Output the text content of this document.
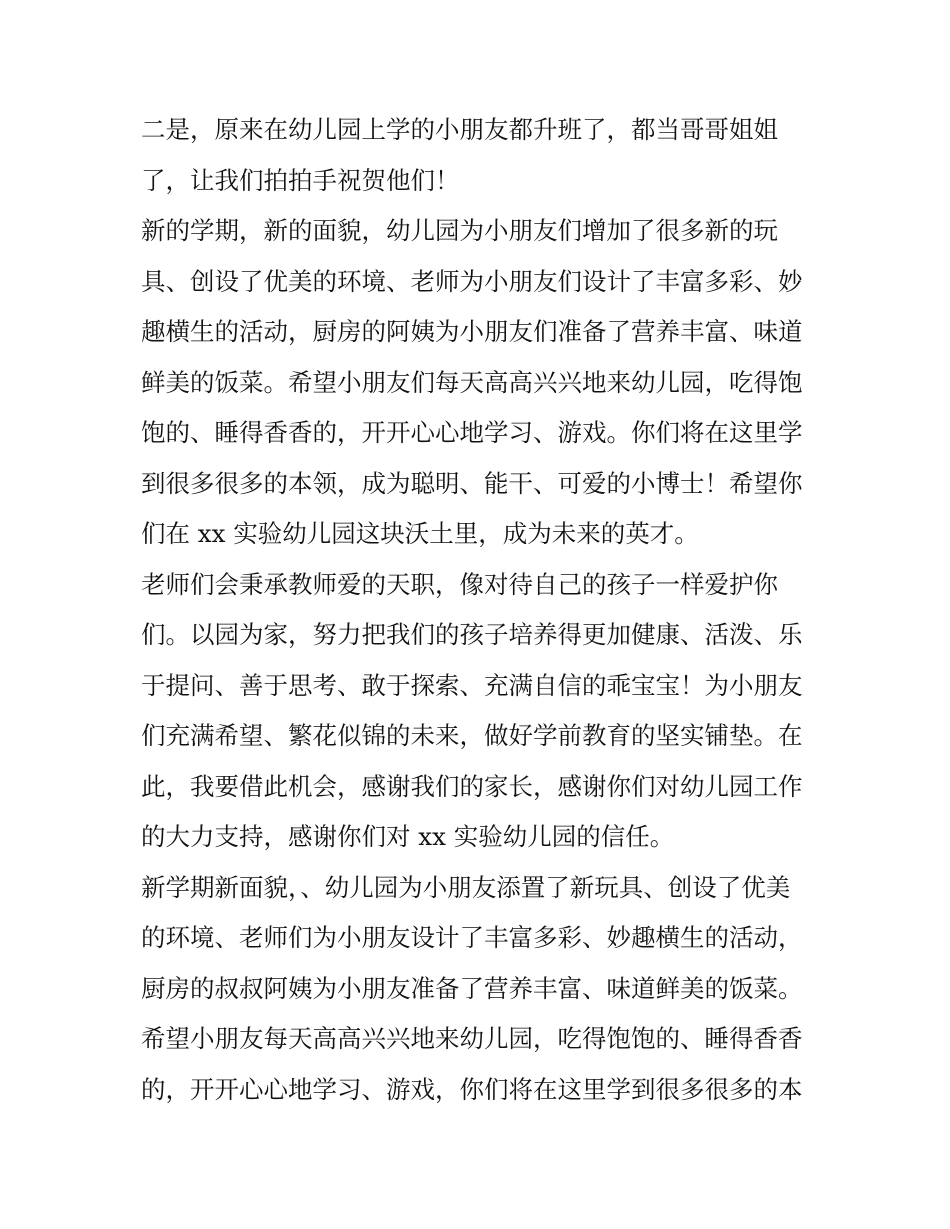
二是，原来在幼儿园上学的小朋友都升班了，都当哥哥姐姐

了，让我们拍拍手祝贺他们！

新的学期，新的面貌，幼儿园为小朋友们增加了很多新的玩

具、创设了优美的环境、老师为小朋友们设计了丰富多彩、妙

趣横生的活动，厨房的阿姨为小朋友们准备了营养丰富、味道

鲜美的饭菜。希望小朋友们每天高高兴兴地来幼儿园，吃得饱

饱的、睡得香香的，开开心心地学习、游戏。你们将在这里学

到很多很多的本领，成为聪明、能干、可爱的小博士！希望你

们在 xx 实验幼儿园这块沃土里，成为未来的英才。

老师们会秉承教师爱的天职，像对待自己的孩子一样爱护你

们。以园为家，努力把我们的孩子培养得更加健康、活泼、乐

于提问、善于思考、敢于探索、充满自信的乖宝宝！为小朋友

们充满希望、繁花似锦的未来，做好学前教育的坚实铺垫。在

此，我要借此机会，感谢我们的家长，感谢你们对幼儿园工作

的大力支持，感谢你们对 xx 实验幼儿园的信任。

新学期新面貌，、幼儿园为小朋友添置了新玩具、创设了优美

的环境、老师们为小朋友设计了丰富多彩、妙趣横生的活动，

厨房的叔叔阿姨为小朋友准备了营养丰富、味道鲜美的饭菜。

希望小朋友每天高高兴兴地来幼儿园，吃得饱饱的、睡得香香

的，开开心心地学习、游戏，你们将在这里学到很多很多的本
